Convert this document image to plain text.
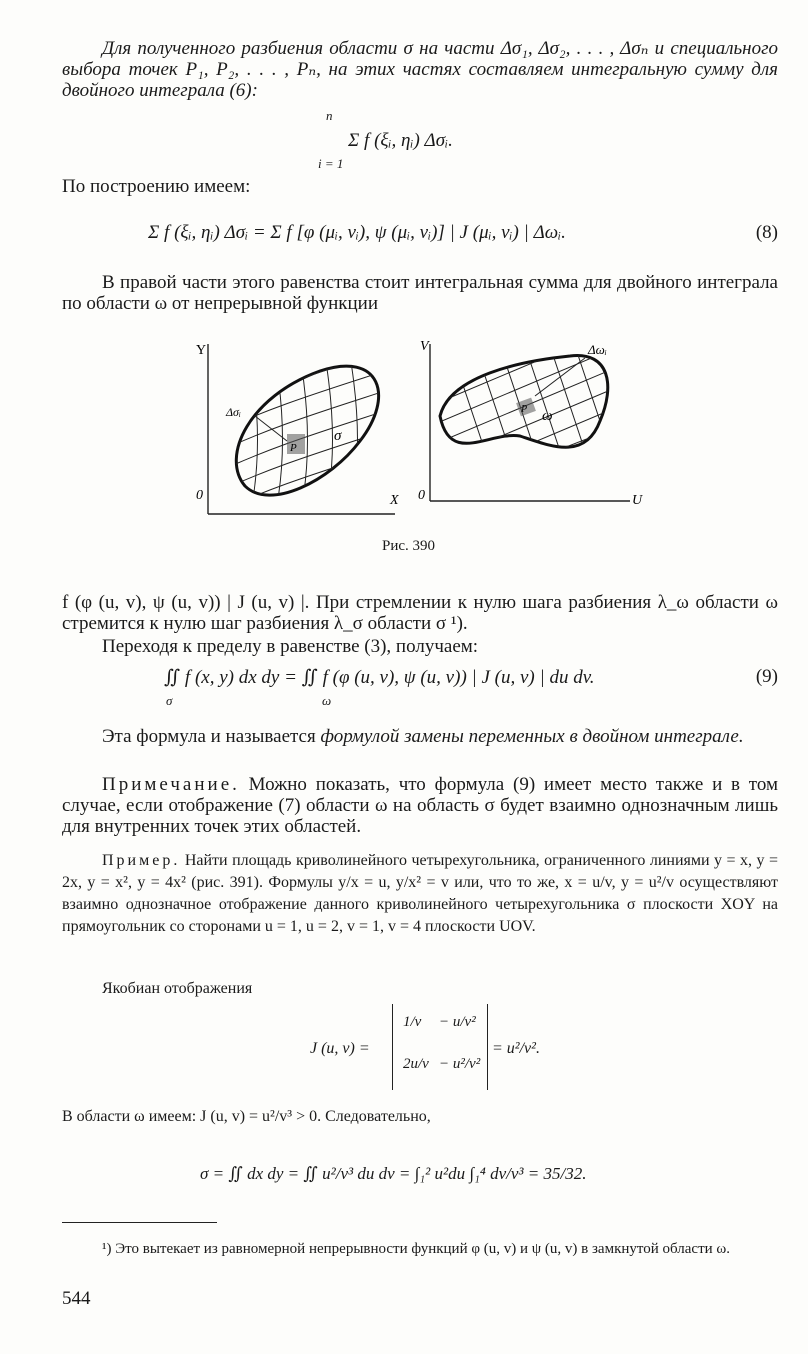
Для полученного разбиения области σ на части Δσ₁, Δσ₂, . . . , Δσₙ и специального выбора точек P₁, P₂, . . . , Pₙ, на этих частях составляем интегральную сумму для двойного интеграла (6):
n
Σ f (ξᵢ, ηᵢ) Δσᵢ.
i = 1
По построению имеем:
Σ f (ξᵢ, ηᵢ) Δσᵢ = Σ f [φ (μᵢ, νᵢ), ψ (μᵢ, νᵢ)] | J (μᵢ, νᵢ) | Δωᵢ.	(8)
В правой части этого равенства стоит интегральная сумма для двойного интеграла по области ω от непрерывной функции
Y
X
0
σ
Δσᵢ
P
V
U
0
ω
Δωᵢ
P
Рис. 390
f (φ (u, v), ψ (u, v)) | J (u, v) |. При стремлении к нулю шага разбиения λ_ω области ω стремится к нулю шаг разбиения λ_σ области σ ¹).
Переходя к пределу в равенстве (3), получаем:
∬ f (x, y) dx dy = ∬ f (φ (u, v), ψ (u, v)) | J (u, v) | du dv.
σ	ω
(9)
Эта формула и называется формулой замены переменных в двойном интеграле.
Примечание. Можно показать, что формула (9) имеет место также и в том случае, если отображение (7) области ω на область σ будет взаимно однозначным лишь для внутренних точек этих областей.
Пример. Найти площадь криволинейного четырехугольника, ограниченного линиями y = x, y = 2x, y = x², y = 4x² (рис. 391). Формулы y/x = u, y/x² = v или, что то же, x = u/v, y = u²/v осуществляют взаимно однозначное отображение данного криволинейного четырехугольника σ плоскости XOY на прямоугольник со сторонами u = 1, u = 2, v = 1, v = 4 плоскости UOV.
Якобиан отображения
J (u, v) =
1/v − u/v²
2u/v − u²/v²
= u²/v².
В области ω имеем: J (u, v) = u²/v³ > 0. Следовательно,
σ = ∬ dx dy = ∬ u²/v³ du dv = ∫₁² u²du ∫₁⁴ dv/v³ = 35/32.
¹) Это вытекает из равномерной непрерывности функций φ (u, v) и ψ (u, v) в замкнутой области ω.
544
